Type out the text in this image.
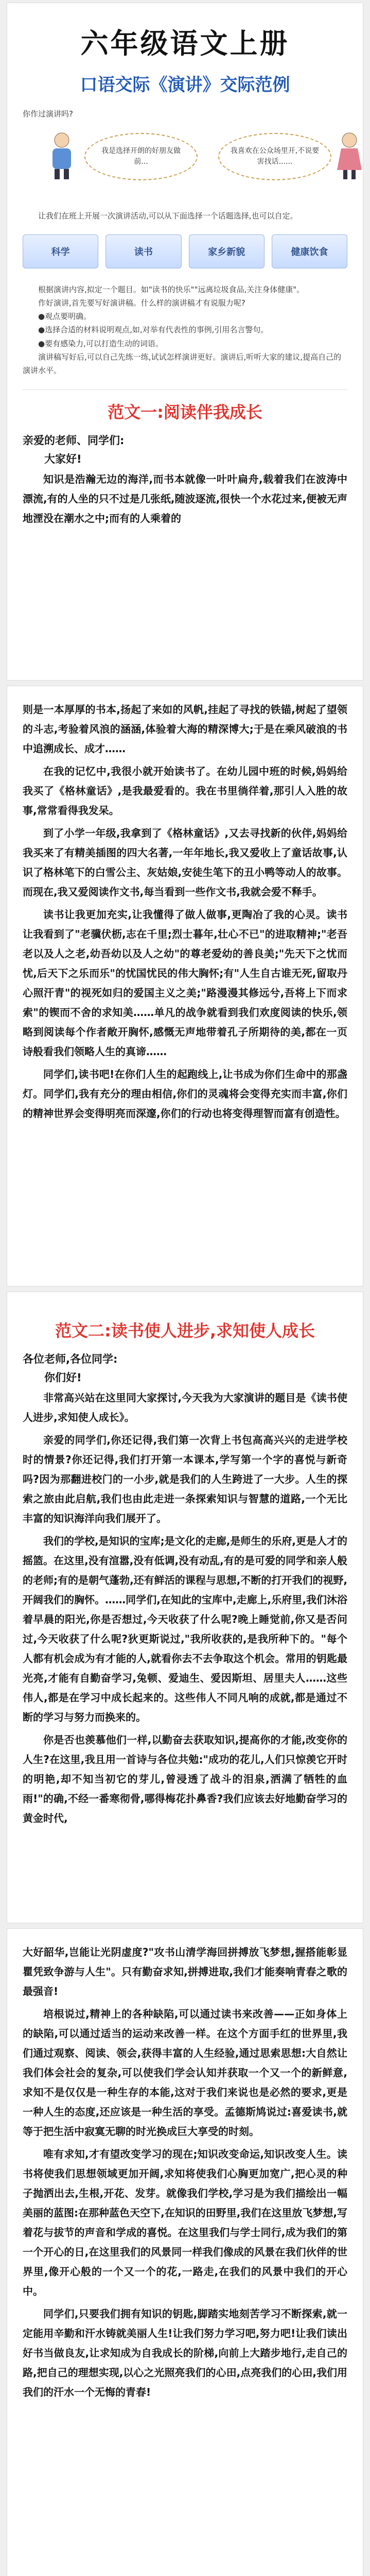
六年级语文上册
口语交际《演讲》交际范例

你作过演讲吗?

我是选择开朗的好朋友做前...
我喜欢在公众场里开,不说要害找话......

让我们在班上开展一次演讲活动,可以从下面选择一个话题选择,也可以自定。

科学	读书	家乡新貌	健康饮食

根据演讲内容,拟定一个题目。如"读书的快乐""远离垃圾食品,关注身体健康"。

作好演讲,首先要写好演讲稿。什么样的演讲稿才有说服力呢?

●观点要明确。

●选择合适的材料说明观点,如,对举有代表性的事例,引用名言警句。

●要有感染力,可以打造生动的词语。

演讲稿写好后,可以自己先练一练,试试怎样演讲更好。演讲后,听听大家的建议,提高自己的演讲水平。

范文一:阅读伴我成长
亲爱的老师、同学们:
大家好!

知识是浩瀚无边的海洋,而书本就像一叶叶扁舟,载着我们在波涛中漂流,有的人坐的只不过是几张纸,随波逐流,很快一个水花过来,便被无声地湮没在潮水之中;而有的人乘着的

则是一本厚厚的书本,扬起了来如的风帆,挂起了寻找的铁锚,树起了望领的斗志,考验着风浪的涵涵,体验着大海的精深博大;于是在乘风破浪的书中追溯成长、成才……

在我的记忆中,我很小就开始读书了。在幼儿园中班的时候,妈妈给我买了《格林童话》,是我最爱看的。我在书里徜徉着,那引人入胜的故事,常常看得我发呆。

到了小学一年级,我拿到了《格林童话》,又去寻找新的伙伴,妈妈给我买来了有精美插图的四大名著,一年年地长,我又爱收上了童话故事,认识了格林笔下的白雪公主、灰姑娘,安徒生笔下的丑小鸭等动人的故事。而现在,我又爱阅读作文书,每当看到一些作文书,我就会爱不释手。

读书让我更加充实,让我懂得了做人做事,更陶冶了我的心灵。读书让我看到了"老骥伏枥,志在千里;烈士暮年,壮心不已"的进取精神;"老吾老以及人之老,幼吾幼以及人之幼"的尊老爱幼的善良美;"先天下之忧而忧,后天下之乐而乐"的忧国忧民的伟大胸怀;有"人生自古谁无死,留取丹心照汗青"的视死如归的爱国主义之美;"路漫漫其修远兮,吾将上下而求索"的锲而不舍的求知美……单凡的战争就看到我们欢度阅读的快乐,领略到阅读每个作者敞开胸怀,感慨无声地带着孔子所期待的美,都在一页诗般看我们领略人生的真谛……

同学们,读书吧!在你们人生的起跑线上,让书成为你们生命中的那盏灯。同学们,我有充分的理由相信,你们的灵魂将会变得充实而丰富,你们的精神世界会变得明亮而深邃,你们的行动也将变得理智而富有创造性。

范文二:读书使人进步,求知使人成长
各位老师,各位同学:
你们好!

非常高兴站在这里同大家探讨,今天我为大家演讲的题目是《读书使人进步,求知使人成长》。

亲爱的同学们,你还记得,我们第一次背上书包高高兴兴的走进学校时的情景?你还记得,我们打开第一本课本,学写第一个字的喜悦与新奇吗?因为那翻进校门的一小步,就是我们的人生跨进了一大步。人生的探索之旅由此启航,我们也由此走进一条探索知识与智慧的道路,一个无比丰富的知识海洋向我们展开了。

我们的学校,是知识的宝库;是文化的走廊,是师生的乐府,更是人才的摇篮。在这里,没有渲嚣,没有低调,没有动乱,有的是可爱的同学和亲人般的老师;有的是朝气蓬勃,还有鲜活的课程与思想,不断的打开我们的视野,开阔我们的胸怀。……同学们,在知此的宝库中,走廊上,乐府里,我们沐浴着早晨的阳光,你是否想过,今天收获了什么呢?晚上睡觉前,你又是否问过,今天收获了什么呢?狄更斯说过,"我所收获的,是我所种下的。"每个人都有机会成为有才能的人,就看你去不去争取这个机会。常用的钥匙最光亮,才能有自勤奋学习,兔顿、爱迪生、爱因斯坦、居里夫人……这些伟人,都是在学习中成长起来的。这些伟人不同凡响的成就,都是通过不断的学习与努力而换来的。

你是否也羡慕他们一样,以勤奋去获取知识,提高你的才能,改变你的人生?在这里,我且用一首诗与各位共勉:"成功的花儿,人们只惊羡它开时的明艳,却不知当初它的芽儿,曾浸透了战斗的泪泉,洒满了牺牲的血雨!"的确,不经一番寒彻骨,哪得梅花扑鼻香?我们应该去好地勤奋学习的黄金时代,

大好韶华,岂能让光阴虚度?"攻书山清学海回拼搏放飞梦想,握搭能彰显瞿凭致争游与人生"。只有勤奋求知,拼搏进取,我们才能奏响青春之歌的最强音!

培根说过,精神上的各种缺陷,可以通过读书来改善——正如身体上的缺陷,可以通过适当的运动来改善一样。在这个方面手红的世界里,我们通过观察、阅读、领会,获得丰富的人生经验,通过思索思想:大自然让我们体会社会的复杂,可以使我们学会认知并获取一个又一个的新鲜意,求知不是仅仅是一种生存的本能,这对于我们来说也是必然的要求,更是一种人生的态度,还应该是一种生活的享受。孟德斯鸠说过:喜爱读书,就等于把生活中寂寞无聊的时光换成巨大享受的时刻。

唯有求知,才有望改变学习的现在;知识改变命运,知识改变人生。读书将使我们思想领域更加开阔,求知将使我们心胸更加宽广,把心灵的种子抛洒出去,生根,开花、发芽。就像我们学校,学习是为我们描绘出一幅美丽的蓝图:在那种蓝色天空下,在知识的田野里,我们在这里放飞梦想,写着花与拔节的声音和学成的喜悦。在这里我们与学士同行,成为我们的第一个开心的日,在这里我们的风景同一样我们像成的风景在我们伙伴的世界里,像开心般的一个又一个的花,一路走,在我们的风景中我们的开心中。

同学们,只要我们拥有知识的钥匙,脚踏实地刻苦学习不断探索,就一定能用辛勤和汗水铸就美丽人生!让我们努力学习吧,努力吧!让我们读出好书当做良友,让求知成为自我成长的阶梯,向前上大踏步地行,走自己的路,把自己的理想实现,以心之光照亮我们的心田,点亮我们的心田,我们用我们的汗水一个无悔的青春!
